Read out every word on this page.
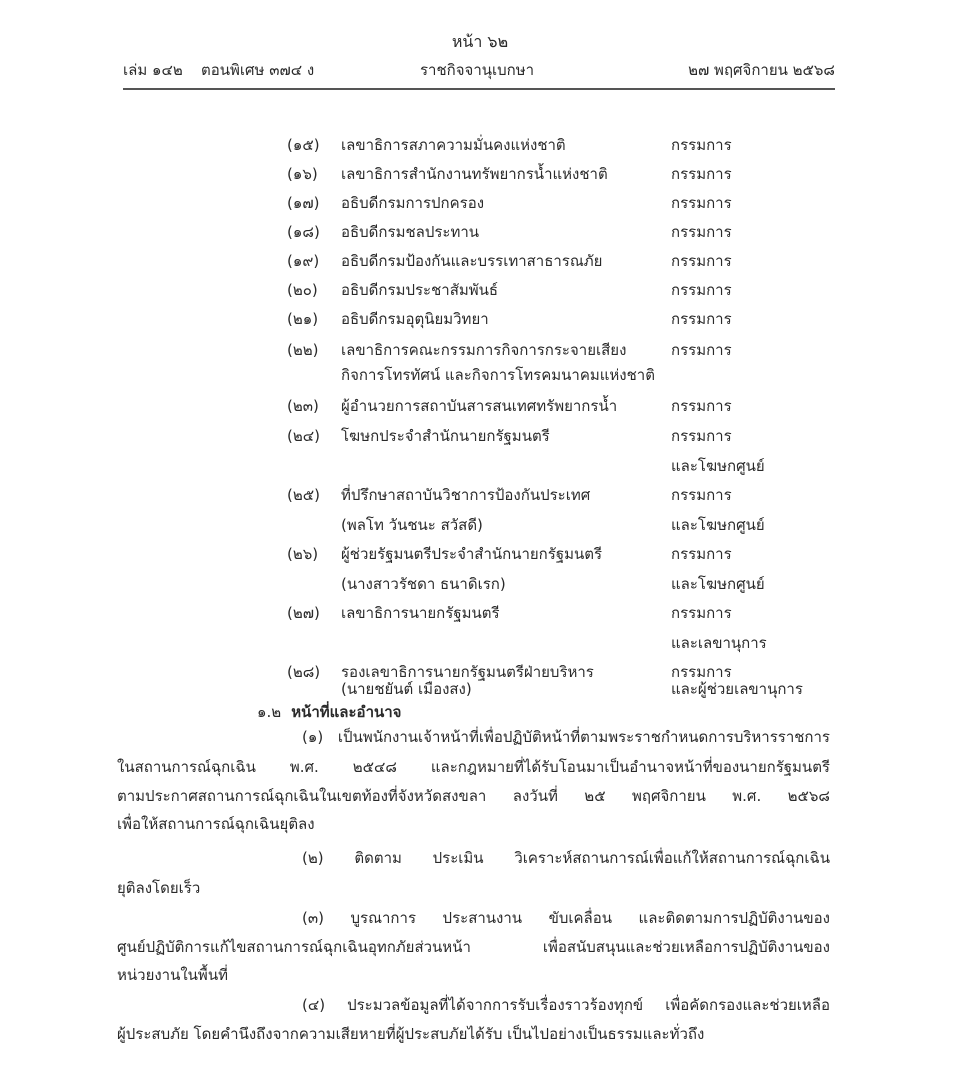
หน้า ๖๒
เล่ม ๑๔๒ ตอนพิเศษ ๓๗๔ ง	ราชกิจจานุเบกษา	๒๗ พฤศจิกายน ๒๕๖๘
(๑๕) เลขาธิการสภาความมั่นคงแห่งชาติ	กรรมการ
(๑๖) เลขาธิการสำนักงานทรัพยากรน้ำแห่งชาติ	กรรมการ
(๑๗) อธิบดีกรมการปกครอง	กรรมการ
(๑๘) อธิบดีกรมชลประทาน	กรรมการ
(๑๙) อธิบดีกรมป้องกันและบรรเทาสาธารณภัย	กรรมการ
(๒๐) อธิบดีกรมประชาสัมพันธ์	กรรมการ
(๒๑) อธิบดีกรมอุตุนิยมวิทยา	กรรมการ
(๒๒) เลขาธิการคณะกรรมการกิจการกระจายเสียง	กรรมการ
กิจการโทรทัศน์ และกิจการโทรคมนาคมแห่งชาติ
(๒๓) ผู้อำนวยการสถาบันสารสนเทศทรัพยากรน้ำ	กรรมการ
(๒๔) โฆษกประจำสำนักนายกรัฐมนตรี	กรรมการ
และโฆษกศูนย์
(๒๕) ที่ปรึกษาสถาบันวิชาการป้องกันประเทศ	กรรมการ
(พลโท วันชนะ สวัสดี)	และโฆษกศูนย์
(๒๖) ผู้ช่วยรัฐมนตรีประจำสำนักนายกรัฐมนตรี	กรรมการ
(นางสาวรัชดา ธนาดิเรก)	และโฆษกศูนย์
(๒๗) เลขาธิการนายกรัฐมนตรี	กรรมการ
และเลขานุการ
(๒๘) รองเลขาธิการนายกรัฐมนตรีฝ่ายบริหาร	กรรมการ
(นายชยันต์ เมืองสง)	และผู้ช่วยเลขานุการ
๑.๒ หน้าที่และอำนาจ
(๑) เป็นพนักงานเจ้าหน้าที่เพื่อปฏิบัติหน้าที่ตามพระราชกำหนดการบริหารราชการ
ในสถานการณ์ฉุกเฉิน พ.ศ. ๒๕๔๘ และกฎหมายที่ได้รับโอนมาเป็นอำนาจหน้าที่ของนายกรัฐมนตรี
ตามประกาศสถานการณ์ฉุกเฉินในเขตท้องที่จังหวัดสงขลา ลงวันที่ ๒๕ พฤศจิกายน พ.ศ. ๒๕๖๘
เพื่อให้สถานการณ์ฉุกเฉินยุติลง
(๒) ติดตาม ประเมิน วิเคราะห์สถานการณ์เพื่อแก้ให้สถานการณ์ฉุกเฉิน
ยุติลงโดยเร็ว
(๓) บูรณาการ ประสานงาน ขับเคลื่อน และติดตามการปฏิบัติงานของ
ศูนย์ปฏิบัติการแก้ไขสถานการณ์ฉุกเฉินอุทกภัยส่วนหน้า เพื่อสนับสนุนและช่วยเหลือการปฏิบัติงานของ
หน่วยงานในพื้นที่
(๔) ประมวลข้อมูลที่ได้จากการรับเรื่องราวร้องทุกข์ เพื่อคัดกรองและช่วยเหลือ
ผู้ประสบภัย โดยคำนึงถึงจากความเสียหายที่ผู้ประสบภัยได้รับ เป็นไปอย่างเป็นธรรมและทั่วถึง
